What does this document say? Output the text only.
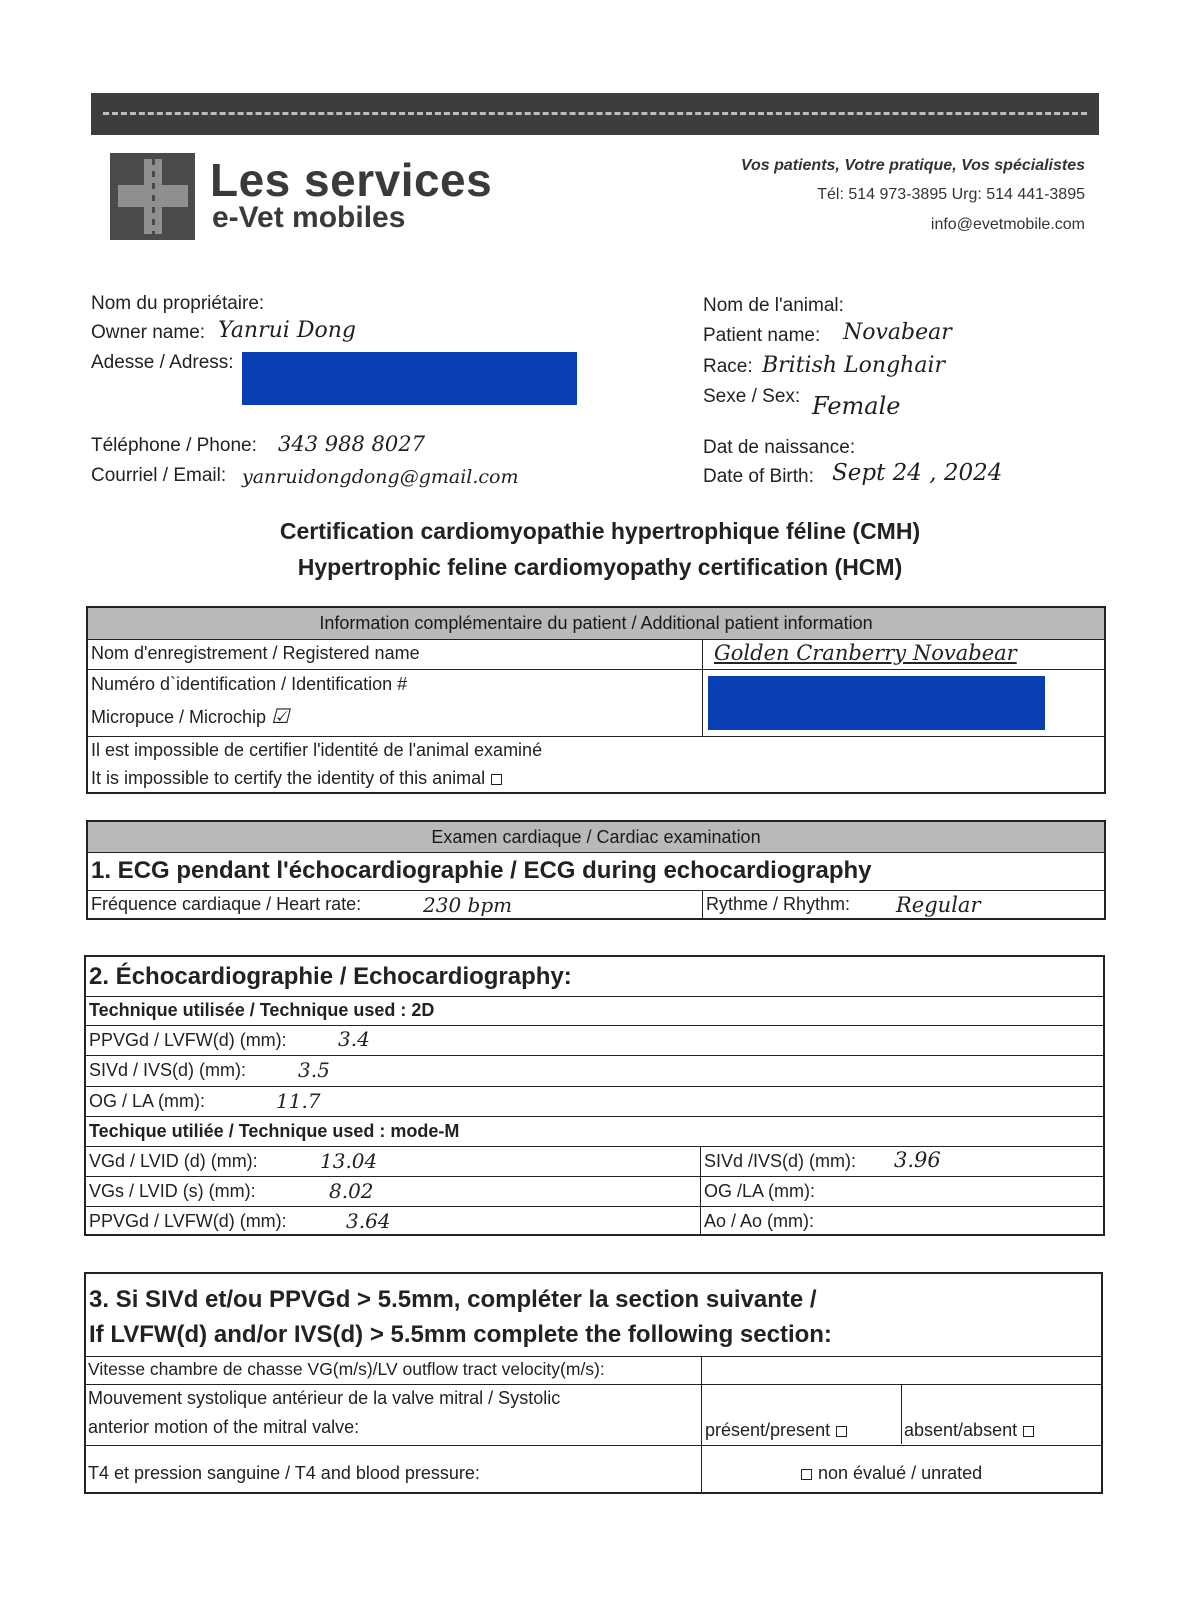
Les services
e-Vet mobiles
Vos patients, Votre pratique, Vos spécialistes
Tél: 514 973-3895 Urg: 514 441-3895
info@evetmobile.com
Nom du propriétaire:
Owner name: Yanrui Dong
Adesse / Adress:
Téléphone / Phone: 343 988 8027
Courriel / Email: yanruidongdong@gmail.com
Nom de l'animal:
Patient name: Novabear
Race: British Longhair
Sexe / Sex: Female
Dat de naissance:
Date of Birth: Sept 24 , 2024
Certification cardiomyopathie hypertrophique féline (CMH)
Hypertrophic feline cardiomyopathy certification (HCM)
Information complémentaire du patient / Additional patient information
Nom d'enregistrement / Registered name	Golden Cranberry Novabear
Numéro d`identification / Identification #
Micropuce / Microchip ☑
Il est impossible de certifier l'identité de l'animal examiné
It is impossible to certify the identity of this animal
Examen cardiaque / Cardiac examination
1. ECG pendant l'échocardiographie / ECG during echocardiography
Fréquence cardiaque / Heart rate:	230 bpm	Rythme / Rhythm: Regular
2. Échocardiographie / Echocardiography:
Technique utilisée / Technique used : 2D
PPVGd / LVFW(d) (mm):	3.4
SIVd / IVS(d) (mm):	3.5
OG / LA (mm):	11.7
Techique utiliée / Technique used : mode-M
VGd / LVID (d) (mm):	13.04	SIVd /IVS(d) (mm): 3.96
VGs / LVID (s) (mm):	8.02	OG /LA (mm):
PPVGd / LVFW(d) (mm):	3.64	Ao / Ao (mm):
3. Si SIVd et/ou PPVGd > 5.5mm, compléter la section suivante /
If LVFW(d) and/or IVS(d) > 5.5mm complete the following section:
Vitesse chambre de chasse VG(m/s)/LV outflow tract velocity(m/s):
Mouvement systolique antérieur de la valve mitral / Systolic
anterior motion of the mitral valve:	présent/present	absent/absent
T4 et pression sanguine / T4 and blood pressure:	non évalué / unrated
